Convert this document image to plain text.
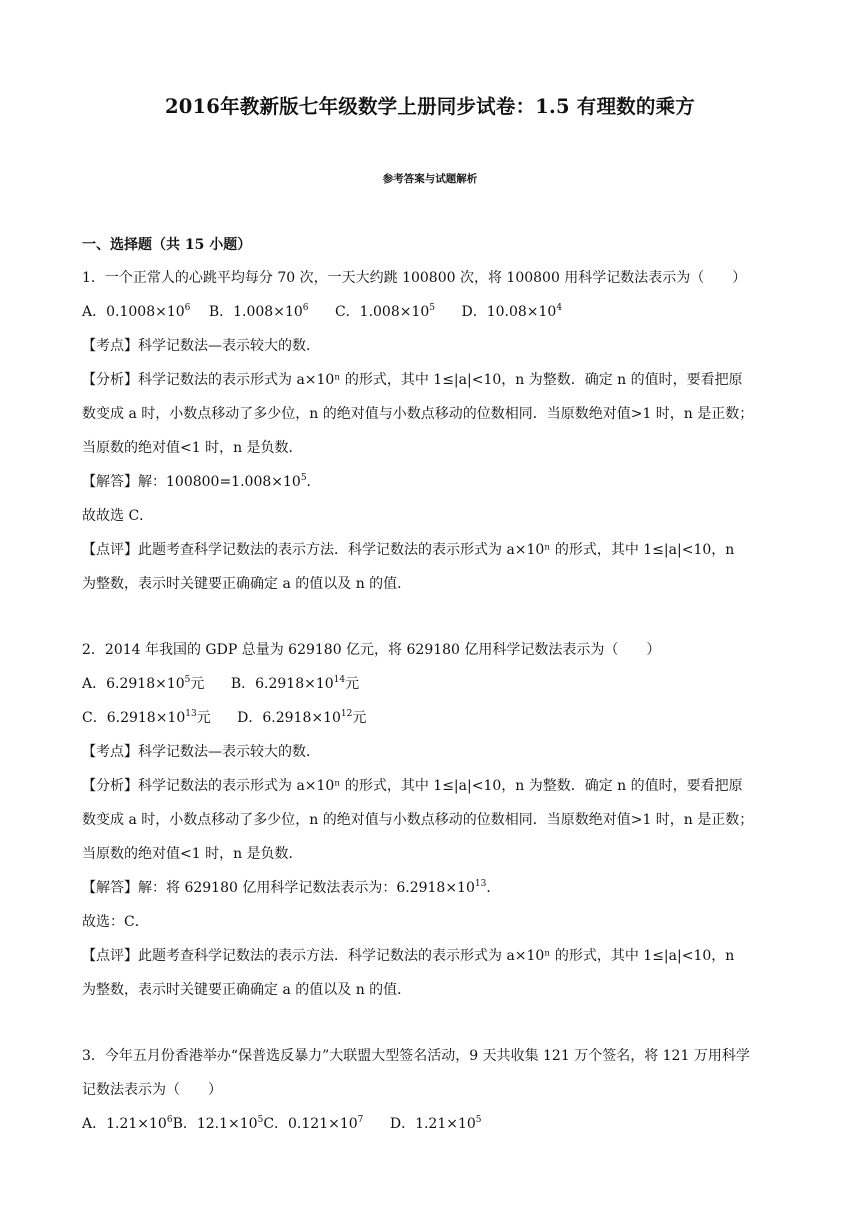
2016年教新版七年级数学上册同步试卷：1.5 有理数的乘方
参考答案与试题解析
一、选择题（共 15 小题）
1．一个正常人的心跳平均每分 70 次，一天大约跳 100800 次，将 100800 用科学记数法表示为（　　）
A．$0.1008\times 10^6$ B．$1.008\times 10^6$ C．$1.008\times 10^5$ D．$10.08\times 10^4$
【考点】科学记数法—表示较大的数．
【分析】科学记数法的表示形式为 a×10ⁿ 的形式，其中 1≤|a|<10，n 为整数．确定 n 的值时，要看把原
数变成 a 时，小数点移动了多少位，n 的绝对值与小数点移动的位数相同．当原数绝对值>1 时，n 是正数；
当原数的绝对值<1 时，n 是负数．
【解答】解：$100800=1.008\times 10^5$．
故故选 C．
【点评】此题考查科学记数法的表示方法．科学记数法的表示形式为 a×10ⁿ 的形式，其中 1≤|a|<10，n
为整数，表示时关键要正确确定 a 的值以及 n 的值．
2．2014 年我国的 GDP 总量为 629180 亿元，将 629180 亿用科学记数法表示为（　　）
A．$6.2918\times 10^5$元 B．$6.2918\times 10^{14}$元
C．$6.2918\times 10^{13}$元 D．$6.2918\times 10^{12}$元
【考点】科学记数法—表示较大的数．
【分析】科学记数法的表示形式为 a×10ⁿ 的形式，其中 1≤|a|<10，n 为整数．确定 n 的值时，要看把原
数变成 a 时，小数点移动了多少位，n 的绝对值与小数点移动的位数相同．当原数绝对值>1 时，n 是正数；
当原数的绝对值<1 时，n 是负数．
【解答】解：将 629180 亿用科学记数法表示为：$6.2918\times 10^{13}$．
故选：C．
【点评】此题考查科学记数法的表示方法．科学记数法的表示形式为 a×10ⁿ 的形式，其中 1≤|a|<10，n
为整数，表示时关键要正确确定 a 的值以及 n 的值．
3．今年五月份香港举办“保普选反暴力”大联盟大型签名活动，9 天共收集 121 万个签名，将 121 万用科学
记数法表示为（　　）
A．$1.21\times 10^6B$．$12.1\times 10^5C$．$0.121\times 10^7$ D．$1.21\times 10^5$
